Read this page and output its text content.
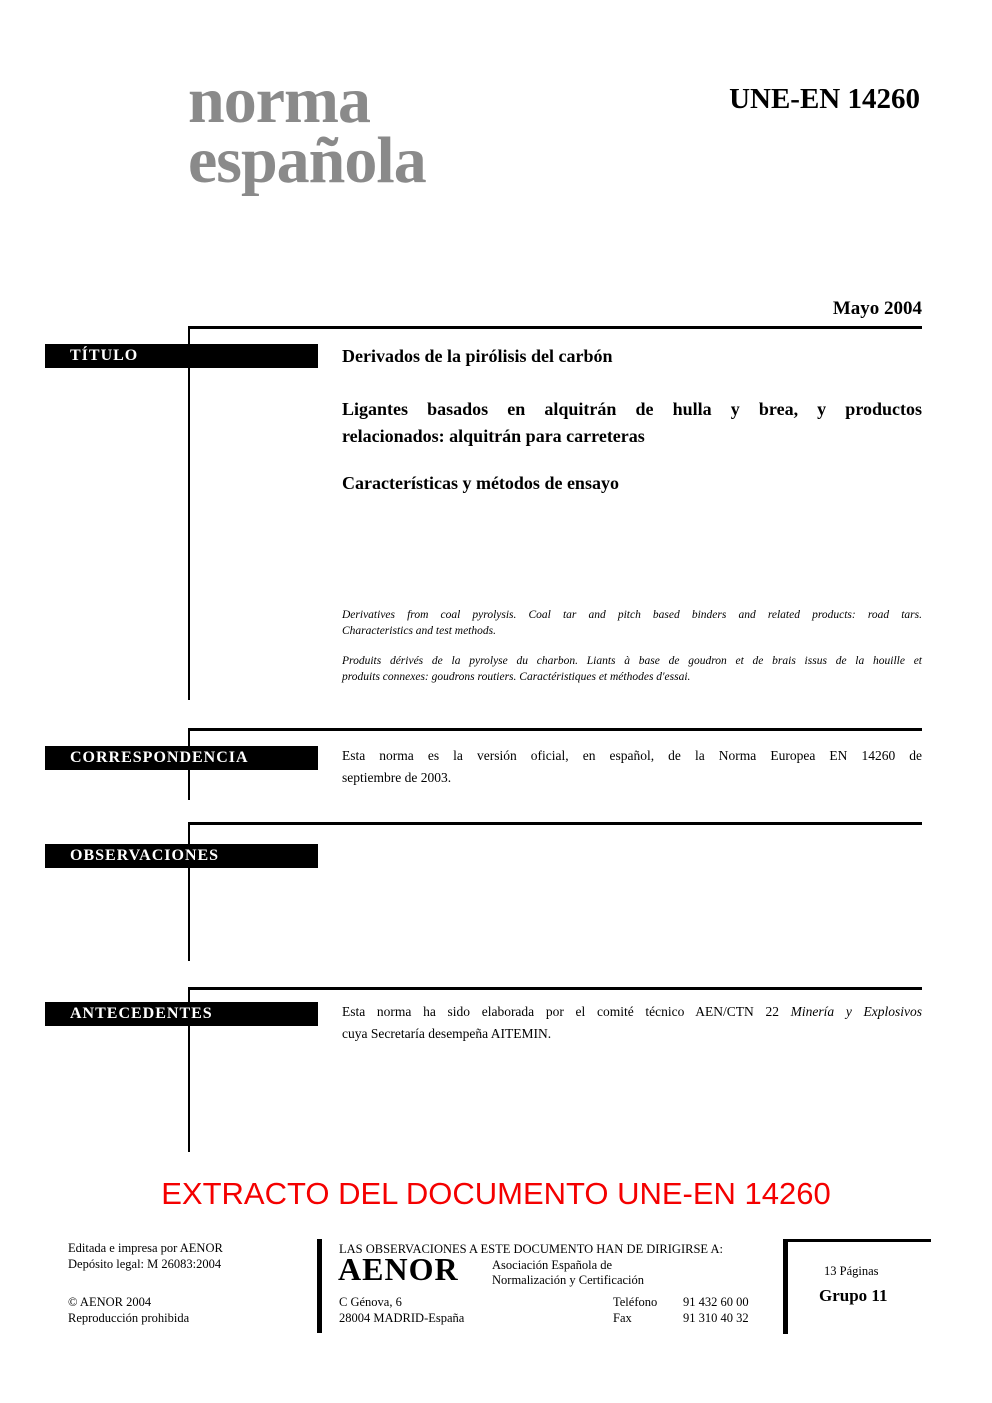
norma
española
UNE-EN 14260
Mayo 2004
TÍTULO
CORRESPONDENCIA
OBSERVACIONES
ANTECEDENTES
Derivados de la pirólisis del carbón
Ligantes basados en alquitrán de hulla y brea, y productos
relacionados: alquitrán para carreteras
Características y métodos de ensayo
Derivatives from coal pyrolysis. Coal tar and pitch based binders and related products: road tars.
Characteristics and test methods.
Produits dérivés de la pyrolyse du charbon. Liants à base de goudron et de brais issus de la houille et
produits connexes: goudrons routiers. Caractéristiques et méthodes d'essai.
Esta norma es la versión oficial, en español, de la Norma Europea EN 14260 de
septiembre de 2003.
Esta norma ha sido elaborada por el comité técnico AEN/CTN 22 Minería y Explosivos
cuya Secretaría desempeña AITEMIN.
EXTRACTO DEL DOCUMENTO UNE-EN 14260
Editada e impresa por AENOR
Depósito legal: M 26083:2004
© AENOR 2004
Reproducción prohibida
LAS OBSERVACIONES A ESTE DOCUMENTO HAN DE DIRIGIRSE A:
AENOR	Asociación Española de
Normalización y Certificación
C Génova, 6
28004 MADRID-España
Teléfono
Fax
91 432 60 00
91 310 40 32
13 Páginas
Grupo 11
